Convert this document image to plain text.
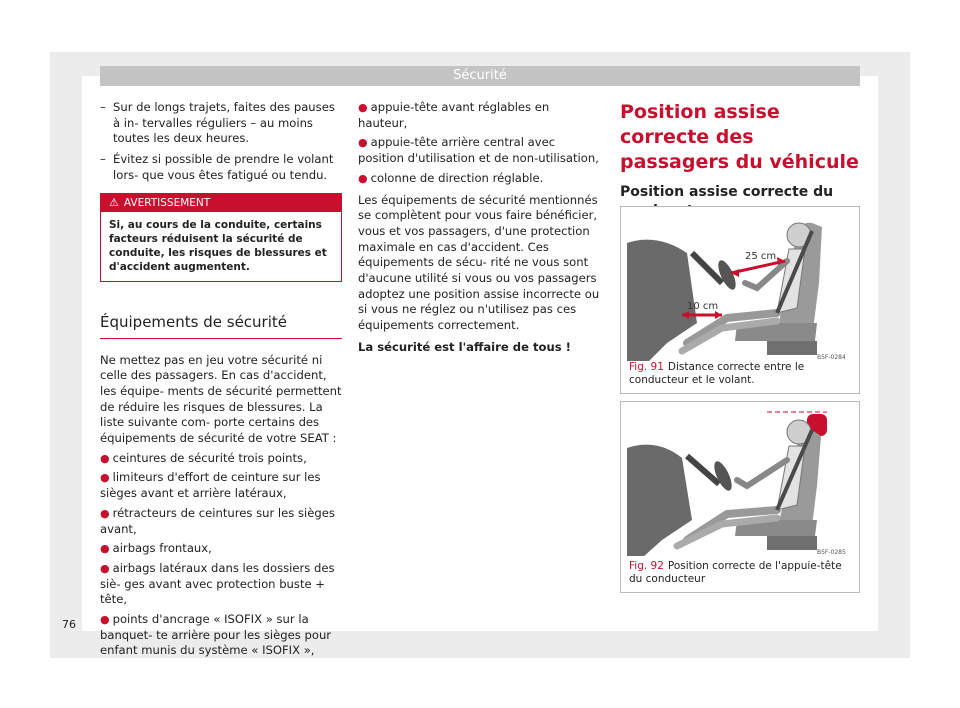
Sécurité
– Sur de longs trajets, faites des pauses à in- tervalles réguliers – au moins toutes les deux heures.
– Évitez si possible de prendre le volant lors- que vous êtes fatigué ou tendu.
⚠ AVERTISSEMENT
Si, au cours de la conduite, certains facteurs réduisent la sécurité de conduite, les risques de blessures et d'accident augmentent.
Équipements de sécurité
Ne mettez pas en jeu votre sécurité ni celle des passagers. En cas d'accident, les équipe- ments de sécurité permettent de réduire les risques de blessures. La liste suivante com- porte certains des équipements de sécurité de votre SEAT :
● ceintures de sécurité trois points,
● limiteurs d'effort de ceinture sur les sièges avant et arrière latéraux,
● rétracteurs de ceintures sur les sièges avant,
● airbags frontaux,
● airbags latéraux dans les dossiers des siè- ges avant avec protection buste + tête,
● points d'ancrage « ISOFIX » sur la banquet- te arrière pour les sièges pour enfant munis du système « ISOFIX »,
● appuie-tête avant réglables en hauteur,
● appuie-tête arrière central avec position d'utilisation et de non-utilisation,
● colonne de direction réglable.
Les équipements de sécurité mentionnés se complètent pour vous faire bénéficier, vous et vos passagers, d'une protection maximale en cas d'accident. Ces équipements de sécu- rité ne vous sont d'aucune utilité si vous ou vos passagers adoptez une position assise incorrecte ou si vous ne réglez ou n'utilisez pas ces équipements correctement.
La sécurité est l'affaire de tous !
Position assise correcte des passagers du véhicule
Position assise correcte du
25 cm
10 cm
B5F-0284
Fig. 91 Distance correcte entre le conducteur et le volant.
B5F-0285
Fig. 92 Position correcte de l'appuie-tête du conducteur
76
